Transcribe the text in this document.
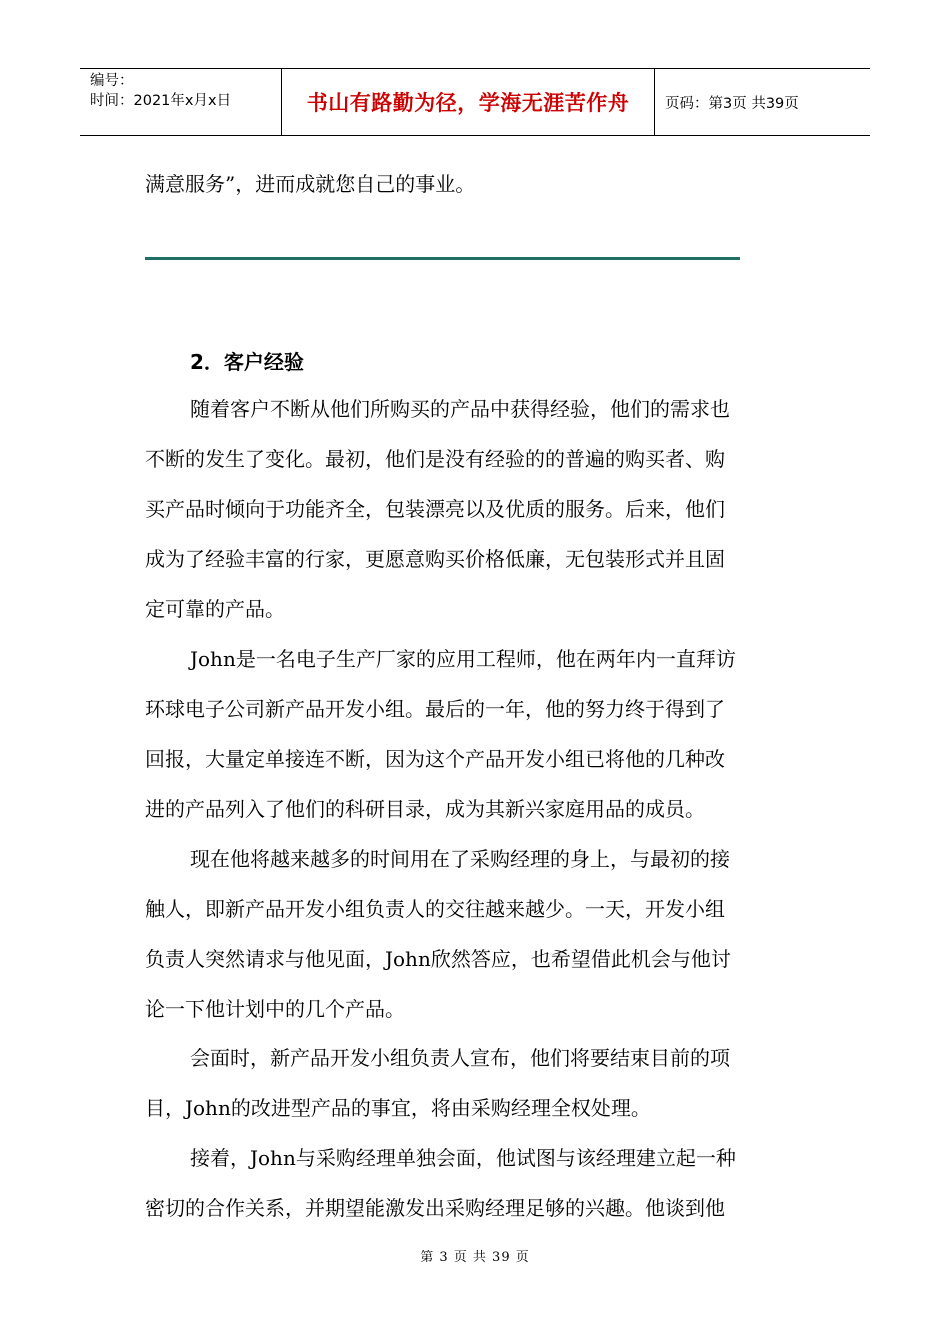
编号：
时间：2021年x月x日	书山有路勤为径，学海无涯苦作舟	页码：第3页 共39页
满意服务”，进而成就您自己的事业。
2．客户经验
随着客户不断从他们所购买的产品中获得经验，他们的需求也
不断的发生了变化。最初，他们是没有经验的的普遍的购买者、购
买产品时倾向于功能齐全，包装漂亮以及优质的服务。后来，他们
成为了经验丰富的行家，更愿意购买价格低廉，无包装形式并且固
定可靠的产品。
John是一名电子生产厂家的应用工程师，他在两年内一直拜访
环球电子公司新产品开发小组。最后的一年，他的努力终于得到了
回报，大量定单接连不断，因为这个产品开发小组已将他的几种改
进的产品列入了他们的科研目录，成为其新兴家庭用品的成员。
现在他将越来越多的时间用在了采购经理的身上，与最初的接
触人，即新产品开发小组负责人的交往越来越少。一天，开发小组
负责人突然请求与他见面，John欣然答应，也希望借此机会与他讨
论一下他计划中的几个产品。
会面时，新产品开发小组负责人宣布，他们将要结束目前的项
目，John的改进型产品的事宜，将由采购经理全权处理。
接着，John与采购经理单独会面，他试图与该经理建立起一种
密切的合作关系，并期望能激发出采购经理足够的兴趣。他谈到他
第 3 页 共 39 页
